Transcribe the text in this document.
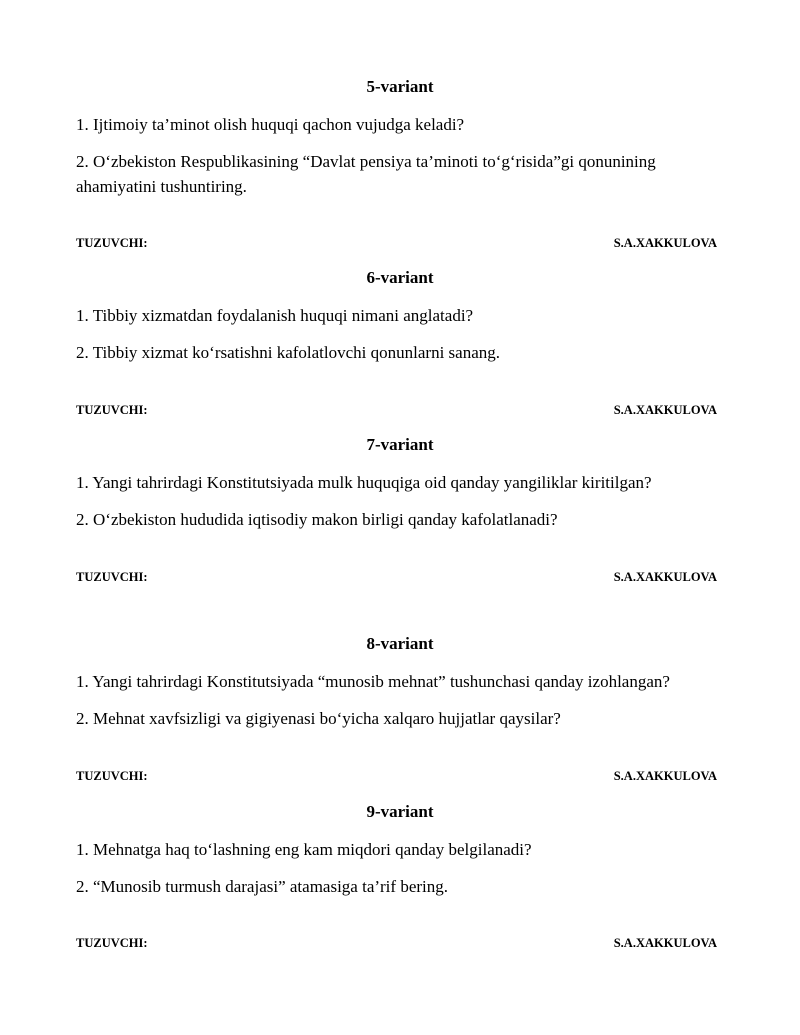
5-variant
1. Ijtimoiy ta’minot olish huquqi qachon vujudga keladi?
2. O‘zbekiston Respublikasining “Davlat pensiya ta’minoti to‘g‘risida”gi qonunining ahamiyatini tushuntiring.
TUZUVCHI:	S.A.XAKKULOVA
6-variant
1. Tibbiy xizmatdan foydalanish huquqi nimani anglatadi?
2. Tibbiy xizmat ko‘rsatishni kafolatlovchi qonunlarni sanang.
TUZUVCHI:	S.A.XAKKULOVA
7-variant
1. Yangi tahrirdagi Konstitutsiyada mulk huquqiga oid qanday yangiliklar kiritilgan?
2. O‘zbekiston hududida iqtisodiy makon birligi qanday kafolatlanadi?
TUZUVCHI:	S.A.XAKKULOVA
8-variant
1. Yangi tahrirdagi Konstitutsiyada “munosib mehnat” tushunchasi qanday izohlangan?
2. Mehnat xavfsizligi va gigiyenasi bo‘yicha xalqaro hujjatlar qaysilar?
TUZUVCHI:	S.A.XAKKULOVA
9-variant
1. Mehnatga haq to‘lashning eng kam miqdori qanday belgilanadi?
2. “Munosib turmush darajasi” atamasiga ta’rif bering.
TUZUVCHI:	S.A.XAKKULOVA
